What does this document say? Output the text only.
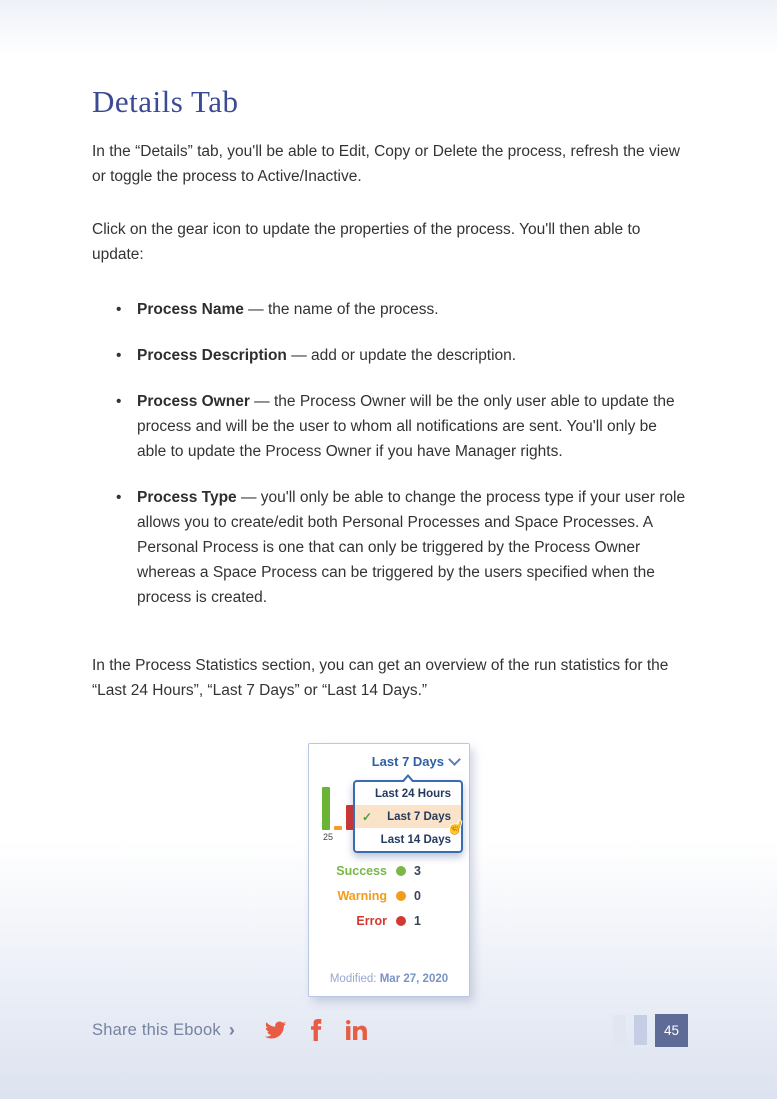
Details Tab

In the “Details” tab, you'll be able to Edit, Copy or Delete the process, refresh the view or toggle the process to Active/Inactive.

Click on the gear icon to update the properties of the process. You'll then able to update:

• Process Name — the name of the process.
• Process Description — add or update the description.
• Process Owner — the Process Owner will be the only user able to update the process and will be the user to whom all notifications are sent. You'll only be able to update the Process Owner if you have Manager rights.
• Process Type — you'll only be able to change the process type if your user role allows you to create/edit both Personal Processes and Space Processes. A Personal Process is one that can only be triggered by the Process Owner whereas a Space Process can be triggered by the users specified when the process is created.

In the Process Statistics section, you can get an overview of the run statistics for the “Last 24 Hours”, “Last 7 Days” or “Last 14 Days.”

Last 7 Days
25
Last 24 Hours
✓ Last 7 Days
☝
Last 14 Days
Success 3
Warning 0
Error 1
Modified: Mar 27, 2020
Share this Ebook ›	45
